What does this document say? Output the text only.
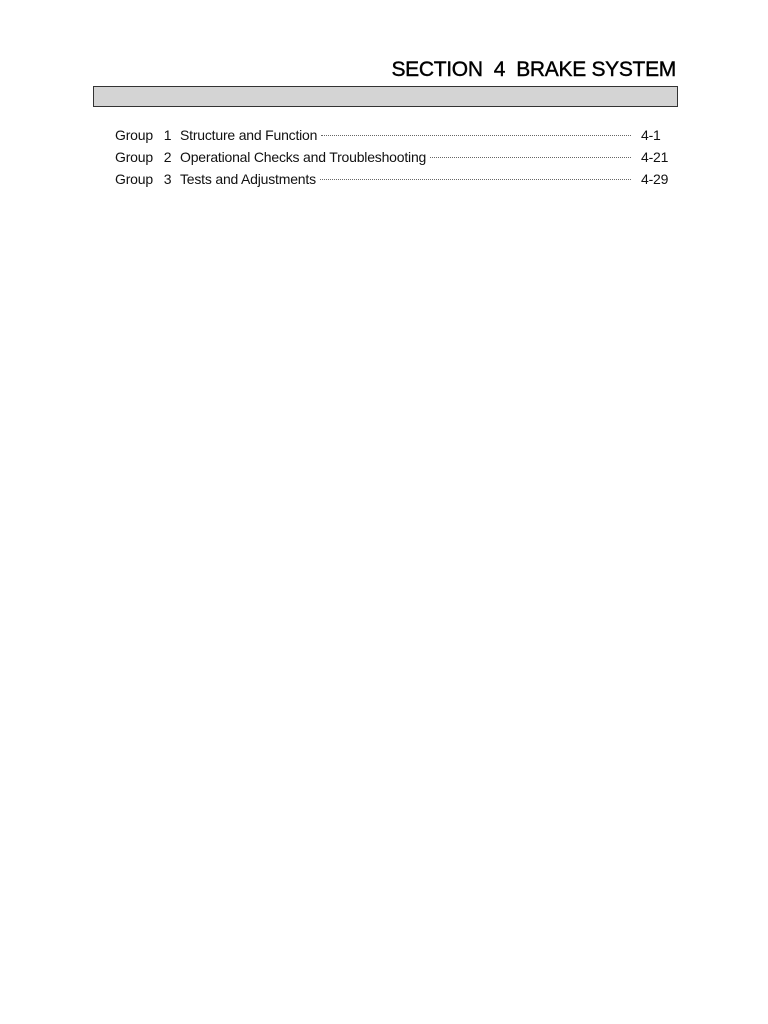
SECTION  4  BRAKE SYSTEM
Group 1 Structure and Function	4-1
Group 2 Operational Checks and Troubleshooting	4-21
Group 3 Tests and Adjustments	4-29
